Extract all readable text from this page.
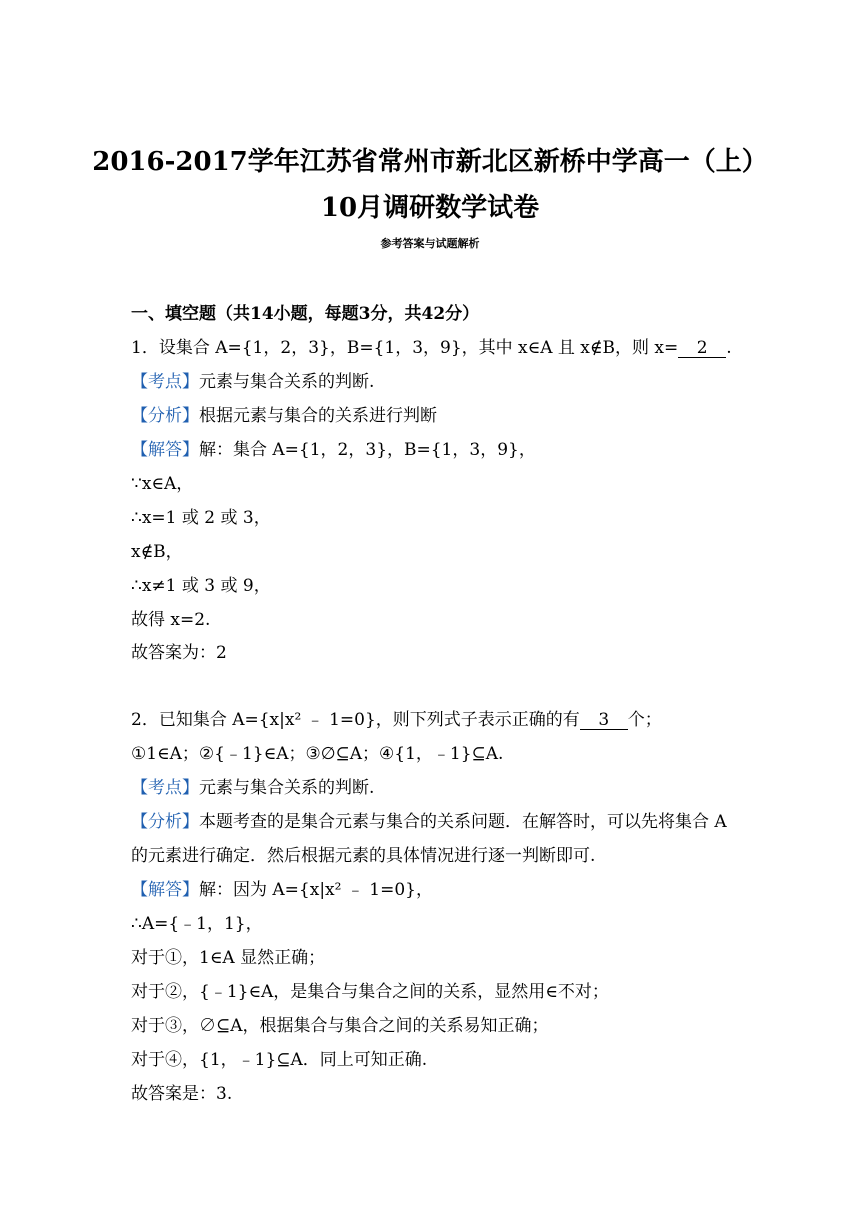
2016-2017学年江苏省常州市新北区新桥中学高一（上）
10月调研数学试卷
参考答案与试题解析
一、填空题（共14小题，每题3分，共42分）
1．设集合 A={1，2，3}，B={1，3，9}，其中 x∈A 且 x∉B，则 x= 2 .
【考点】元素与集合关系的判断.
【分析】根据元素与集合的关系进行判断
【解答】解：集合 A={1，2，3}，B={1，3，9}，
∵x∈A，
∴x=1 或 2 或 3，
x∉B，
∴x≠1 或 3 或 9，
故得 x=2.
故答案为：2
2．已知集合 A={x|x² ﹣ 1=0}，则下列式子表示正确的有 3 个；
①1∈A；②{﹣1}∈A；③∅⊆A；④{1，﹣1}⊆A.
【考点】元素与集合关系的判断.
【分析】本题考查的是集合元素与集合的关系问题．在解答时，可以先将集合 A
的元素进行确定．然后根据元素的具体情况进行逐一判断即可.
【解答】解：因为 A={x|x² ﹣ 1=0}，
∴A={﹣1，1}，
对于①，1∈A 显然正确；
对于②，{﹣1}∈A，是集合与集合之间的关系，显然用∈不对；
对于③，∅⊆A，根据集合与集合之间的关系易知正确；
对于④，{1，﹣1}⊆A．同上可知正确.
故答案是：3.
